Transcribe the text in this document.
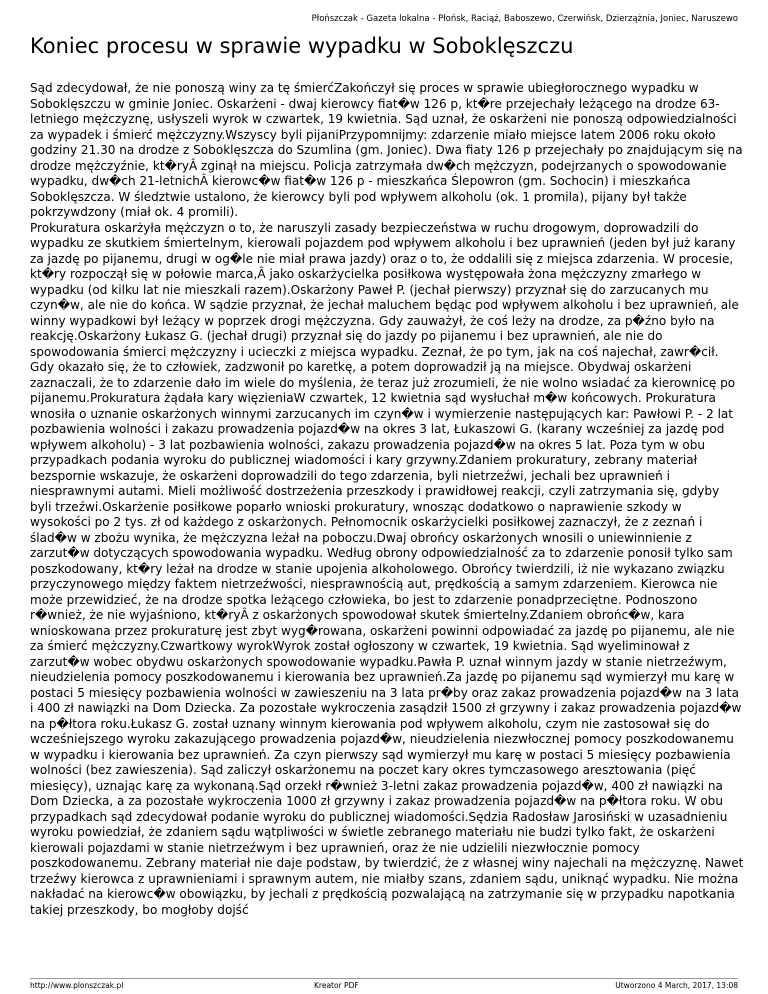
Płońszczak - Gazeta lokalna - Płońsk, Raciąż, Baboszewo, Czerwińsk, Dzierzążnia, Joniec, Naruszewo
Koniec procesu w sprawie wypadku w Soboklęszczu
Sąd zdecydował, że nie ponoszą winy za tę śmierćZakończył się proces w sprawie ubiegłorocznego wypadku w Soboklęszczu w gminie Joniec. Oskarżeni - dwaj kierowcy fiat�w 126 p, kt�re przejechały leżącego na drodze 63-letniego mężczyznę, usłyszeli wyrok w czwartek, 19 kwietnia. Sąd uznał, że oskarżeni nie ponoszą odpowiedzialności za wypadek i śmierć mężczyzny.Wszyscy byli pijaniPrzypomnijmy: zdarzenie miało miejsce latem 2006 roku około godziny 21.30 na drodze z Soboklęszcza do Szumlina (gm. Joniec). Dwa fiaty 126 p przejechały po znajdującym się na drodze mężczyźnie, kt�ryÂ zginął na miejscu. Policja zatrzymała dw�ch mężczyzn, podejrzanych o spowodowanie wypadku, dw�ch 21-letnichÂ kierowc�w fiat�w 126 p - mieszkańca Ślepowron (gm. Sochocin) i mieszkańca Soboklęszcza. W śledztwie ustalono, że kierowcy byli pod wpływem alkoholu (ok. 1 promila), pijany był także pokrzywdzony (miał ok. 4 promili).
Prokuratura oskarżyła mężczyzn o to, że naruszyli zasady bezpieczeństwa w ruchu drogowym, doprowadzili do wypadku ze skutkiem śmiertelnym, kierowali pojazdem pod wpływem alkoholu i bez uprawnień (jeden był już karany za jazdę po pijanemu, drugi w og�le nie miał prawa jazdy) oraz o to, że oddalili się z miejsca zdarzenia. W procesie, kt�ry rozpoczął się w połowie marca,Â jako oskarżycielka posiłkowa występowała żona mężczyzny zmarłego w wypadku (od kilku lat nie mieszkali razem).Oskarżony Paweł P. (jechał pierwszy) przyznał się do zarzucanych mu czyn�w, ale nie do końca. W sądzie przyznał, że jechał maluchem będąc pod wpływem alkoholu i bez uprawnień, ale winny wypadkowi był leżący w poprzek drogi mężczyzna. Gdy zauważył, że coś leży na drodze, za p�źno było na reakcję.Oskarżony Łukasz G. (jechał drugi) przyznał się do jazdy po pijanemu i bez uprawnień, ale nie do spowodowania śmierci mężczyzny i ucieczki z miejsca wypadku. Zeznał, że po tym, jak na coś najechał, zawr�cił. Gdy okazało się, że to człowiek, zadzwonił po karetkę, a potem doprowadził ją na miejsce. Obydwaj oskarżeni zaznaczali, że to zdarzenie dało im wiele do myślenia, że teraz już zrozumieli, że nie wolno wsiadać za kierownicę po pijanemu.Prokuratura żądała kary więzieniaW czwartek, 12 kwietnia sąd wysłuchał m�w końcowych. Prokuratura wnosiła o uznanie oskarżonych winnymi zarzucanych im czyn�w i wymierzenie następujących kar: Pawłowi P. - 2 lat pozbawienia wolności i zakazu prowadzenia pojazd�w na okres 3 lat, Łukaszowi G. (karany wcześniej za jazdę pod wpływem alkoholu) - 3 lat pozbawienia wolności, zakazu prowadzenia pojazd�w na okres 5 lat. Poza tym w obu przypadkach podania wyroku do publicznej wiadomości i kary grzywny.Zdaniem prokuratury, zebrany materiał bezspornie wskazuje, że oskarżeni doprowadzili do tego zdarzenia, byli nietrzeźwi, jechali bez uprawnień i niesprawnymi autami. Mieli możliwość dostrzeżenia przeszkody i prawidłowej reakcji, czyli zatrzymania się, gdyby byli trzeźwi.Oskarżenie posiłkowe poparło wnioski prokuratury, wnosząc dodatkowo o naprawienie szkody w wysokości po 2 tys. zł od każdego z oskarżonych. Pełnomocnik oskarżycielki posiłkowej zaznaczył, że z zeznań i ślad�w w zbożu wynika, że mężczyzna leżał na poboczu.Dwaj obrońcy oskarżonych wnosili o uniewinnienie z zarzut�w dotyczących spowodowania wypadku. Według obrony odpowiedzialność za to zdarzenie ponosił tylko sam poszkodowany, kt�ry leżał na drodze w stanie upojenia alkoholowego. Obrońcy twierdzili, iż nie wykazano związku przyczynowego między faktem nietrzeźwości, niesprawnością aut, prędkością a samym zdarzeniem. Kierowca nie może przewidzieć, że na drodze spotka leżącego człowieka, bo jest to zdarzenie ponadprzeciętne. Podnoszono r�wnież, że nie wyjaśniono, kt�ryÂ z oskarżonych spowodował skutek śmiertelny.Zdaniem obrońc�w, kara wnioskowana przez prokuraturę jest zbyt wyg�rowana, oskarżeni powinni odpowiadać za jazdę po pijanemu, ale nie za śmierć mężczyzny.Czwartkowy wyrokWyrok został ogłoszony w czwartek, 19 kwietnia. Sąd wyeliminował z zarzut�w wobec obydwu oskarżonych spowodowanie wypadku.Pawła P. uznał winnym jazdy w stanie nietrzeźwym, nieudzielenia pomocy poszkodowanemu i kierowania bez uprawnień.Za jazdę po pijanemu sąd wymierzył mu karę w postaci 5 miesięcy pozbawienia wolności w zawieszeniu na 3 lata pr�by oraz zakaz prowadzenia pojazd�w na 3 lata i 400 zł nawiązki na Dom Dziecka. Za pozostałe wykroczenia zasądził 1500 zł grzywny i zakaz prowadzenia pojazd�w na p�łtora roku.Łukasz G. został uznany winnym kierowania pod wpływem alkoholu, czym nie zastosował się do wcześniejszego wyroku zakazującego prowadzenia pojazd�w, nieudzielenia niezwłocznej pomocy poszkodowanemu w wypadku i kierowania bez uprawnień. Za czyn pierwszy sąd wymierzył mu karę w postaci 5 miesięcy pozbawienia wolności (bez zawieszenia). Sąd zaliczył oskarżonemu na poczet kary okres tymczasowego aresztowania (pięć miesięcy), uznając karę za wykonaną.Sąd orzekł r�wnież 3-letni zakaz prowadzenia pojazd�w, 400 zł nawiązki na Dom Dziecka, a za pozostałe wykroczenia 1000 zł grzywny i zakaz prowadzenia pojazd�w na p�łtora roku. W obu przypadkach sąd zdecydował podanie wyroku do publicznej wiadomości.Sędzia Radosław Jarosiński w uzasadnieniu wyroku powiedział, że zdaniem sądu wątpliwości w świetle zebranego materiału nie budzi tylko fakt, że oskarżeni kierowali pojazdami w stanie nietrzeźwym i bez uprawnień, oraz że nie udzielili niezwłocznie pomocy poszkodowanemu. Zebrany materiał nie daje podstaw, by twierdzić, że z własnej winy najechali na mężczyznę. Nawet trzeźwy kierowca z uprawnieniami i sprawnym autem, nie miałby szans, zdaniem sądu, uniknąć wypadku. Nie można nakładać na kierowc�w obowiązku, by jechali z prędkością pozwalającą na zatrzymanie się w przypadku napotkania takiej przeszkody, bo mogłoby dojść
http://www.plonszczak.pl	Kreator PDF	Utworzono 4 March, 2017, 13:08
